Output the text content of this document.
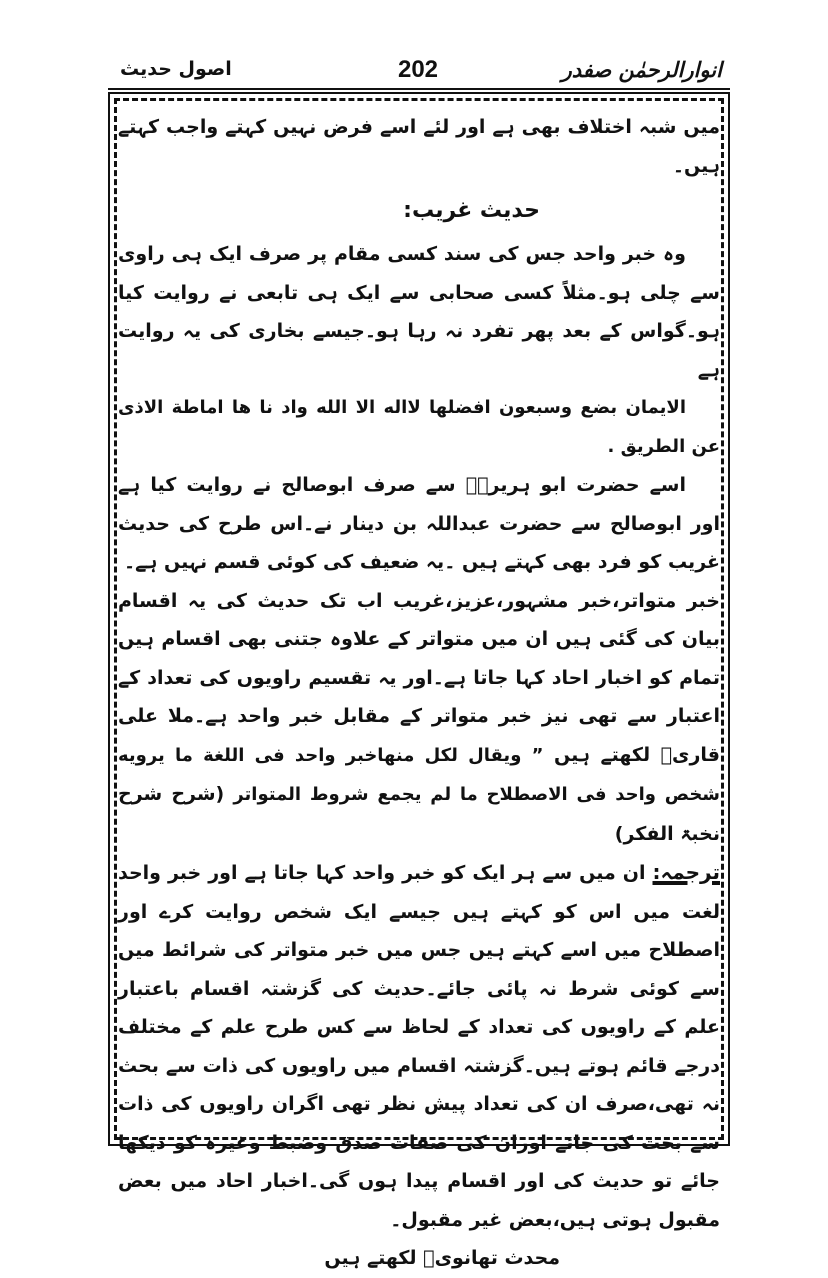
اصول حدیث	202	انوارالرحمٰن صفدر

میں شبہ اختلاف بھی ہے اور لئے اسے فرض نہیں کہتے واجب کہتے ہیں۔

حدیث غریب:

وہ خبر واحد جس کی سند کسی مقام پر صرف ایک ہی راوی سے چلی ہو۔مثلاً کسی صحابی سے ایک ہی تابعی نے روایت کیا ہو۔گواس کے بعد پھر تفرد نہ رہا ہو۔جیسے بخاری کی یہ روایت ہے

الایمان بضع وسبعون افضلها لااله الا الله واد نا ها اماطة الاذی عن الطریق .

اسے حضرت ابو ہریرہؓ سے صرف ابوصالح نے روایت کیا ہے اور ابوصالح سے حضرت عبداللہ بن دینار نے۔اس طرح کی حدیث غریب کو فرد بھی کہتے ہیں ۔یہ ضعیف کی کوئی قسم نہیں ہے۔

خبر متواتر،خبر مشہور،عزیز،غریب اب تک حدیث کی یہ اقسام بیان کی گئی ہیں ان میں متواتر کے علاوہ جتنی بھی اقسام ہیں تمام کو اخبار احاد کہا جاتا ہے۔اور یہ تقسیم راویوں کی تعداد کے اعتبار سے تھی نیز خبر متواتر کے مقابل خبر واحد ہے۔ملا علی قاریؒ لکھتے ہیں ” ویقال لکل منهاخبر واحد فی اللغة ما یرویه شخص واحد فی الاصطلاح ما لم یجمع شروط المتواتر (شرح شرح نخبۃ الفکر)

ترجمہ: ان میں سے ہر ایک کو خبر واحد کہا جاتا ہے اور خبر واحد لغت میں اس کو کہتے ہیں جیسے ایک شخص روایت کرے اور اصطلاح میں اسے کہتے ہیں جس میں خبر متواتر کی شرائط میں سے کوئی شرط نہ پائی جائے۔حدیث کی گزشتہ اقسام باعتبار علم کے راویوں کی تعداد کے لحاظ سے کس طرح علم کے مختلف درجے قائم ہوتے ہیں۔گزشتہ اقسام میں راویوں کی ذات سے بحث نہ تھی،صرف ان کی تعداد پیش نظر تھی اگران راویوں کی ذات سے بحث کی جائے اوران کی صفات صدق وضبط وغیرہ کو دیکھا جائے تو حدیث کی اور اقسام پیدا ہوں گی۔اخبار احاد میں بعض مقبول ہوتی ہیں،بعض غیر مقبول۔

محدث تھانویؒ لکھتے ہیں
